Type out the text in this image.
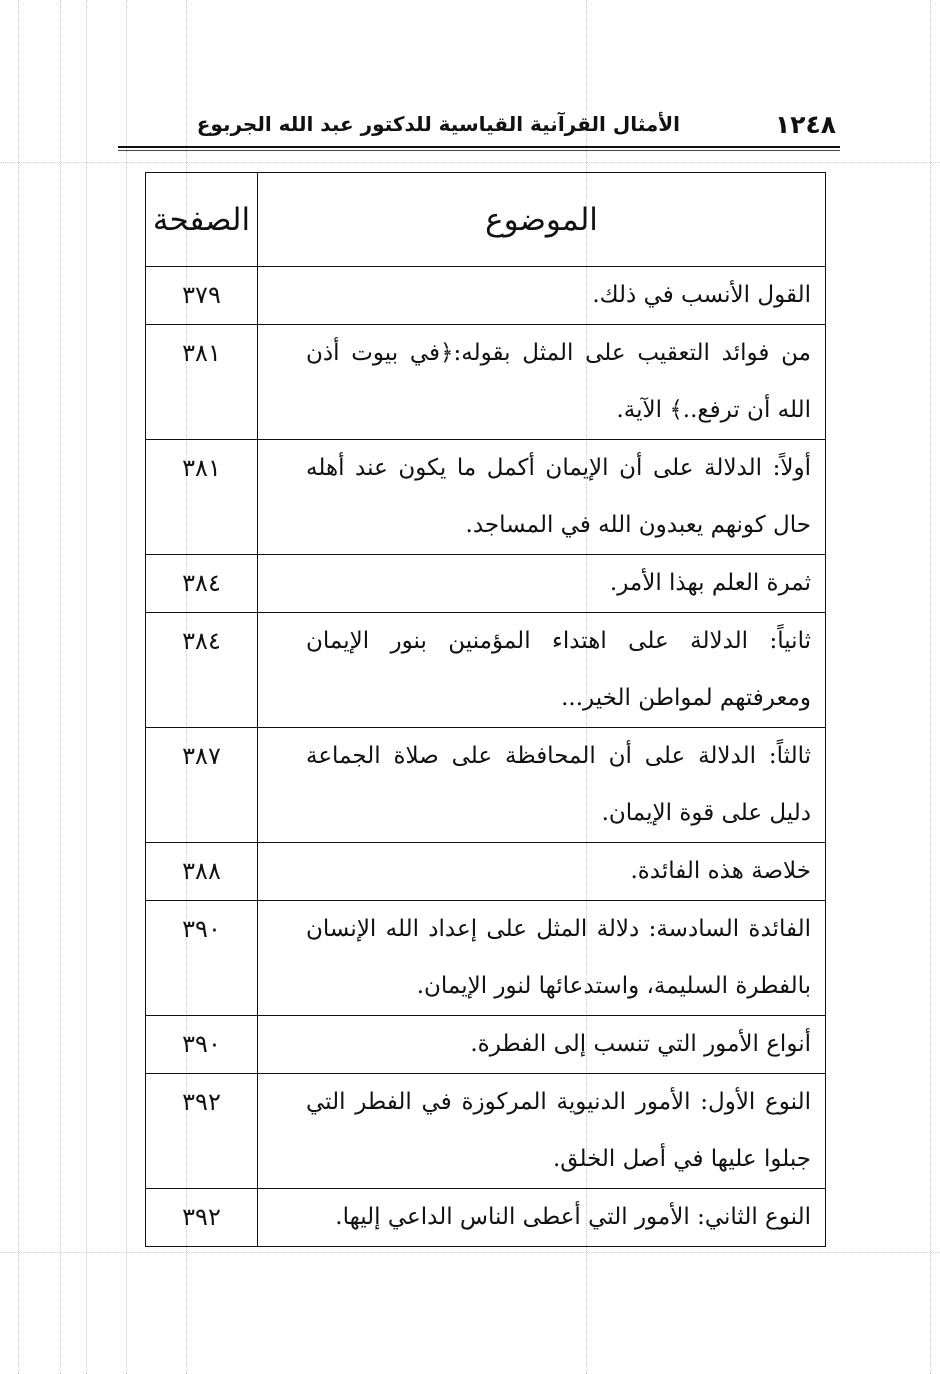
١٢٤٨
الأمثال القرآنية القياسية للدكتور عبد الله الجربوع
الموضوع	الصفحة
القول الأنسب في ذلك.	٣٧٩
من فوائد التعقيب على المثل بقوله:﴿في بيوت أذن الله أن ترفع..﴾ الآية.	٣٨١
أولاً: الدلالة على أن الإيمان أكمل ما يكون عند أهله حال كونهم يعبدون الله في المساجد.	٣٨١
ثمرة العلم بهذا الأمر.	٣٨٤
ثانياً: الدلالة على اهتداء المؤمنين بنور الإيمان ومعرفتهم لمواطن الخير...	٣٨٤
ثالثاً: الدلالة على أن المحافظة على صلاة الجماعة دليل على قوة الإيمان.	٣٨٧
خلاصة هذه الفائدة.	٣٨٨
الفائدة السادسة: دلالة المثل على إعداد الله الإنسان بالفطرة السليمة، واستدعائها لنور الإيمان.	٣٩٠
أنواع الأمور التي تنسب إلى الفطرة.	٣٩٠
النوع الأول: الأمور الدنيوية المركوزة في الفطر التي جبلوا عليها في أصل الخلق.	٣٩٢
النوع الثاني: الأمور التي أعطى الناس الداعي إليها.	٣٩٢
